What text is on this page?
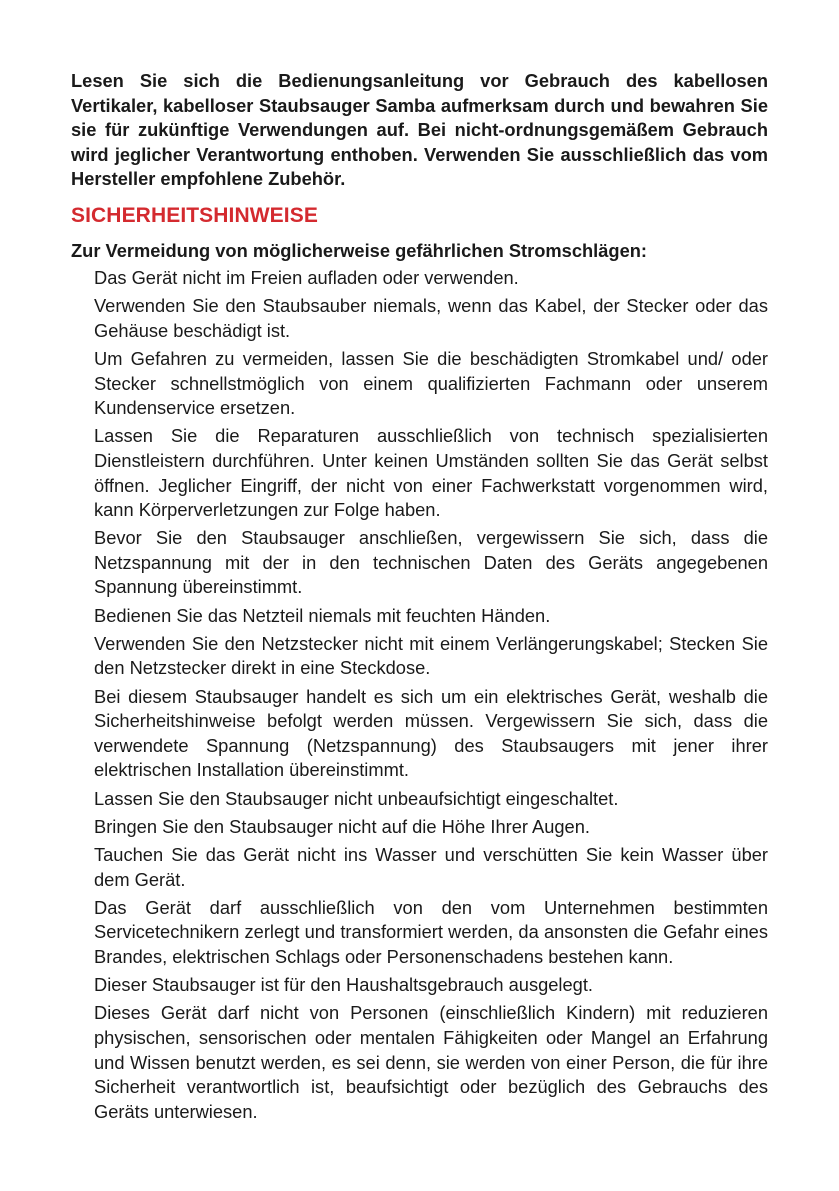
Lesen Sie sich die Bedienungsanleitung vor Gebrauch des kabellosen Vertikaler, kabelloser Staubsauger Samba aufmerksam durch und bewahren Sie sie für zukünftige Verwendungen auf. Bei nicht-ordnungsgemäßem Gebrauch wird jeglicher Verantwortung enthoben. Verwenden Sie ausschließlich das vom Hersteller empfohlene Zubehör.

SICHERHEITSHINWEISE
Zur Vermeidung von möglicherweise gefährlichen Stromschlägen:
Das Gerät nicht im Freien aufladen oder verwenden.
Verwenden Sie den Staubsauber niemals, wenn das Kabel, der Stecker oder das Gehäuse beschädigt ist.
Um Gefahren zu vermeiden, lassen Sie die beschädigten Stromkabel und/ oder Stecker schnellstmöglich von einem qualifizierten Fachmann oder unserem Kundenservice ersetzen.
Lassen Sie die Reparaturen ausschließlich von technisch spezialisierten Dienstleistern durchführen. Unter keinen Umständen sollten Sie das Gerät selbst öffnen. Jeglicher Eingriff, der nicht von einer Fachwerkstatt vorgenommen wird, kann Körperverletzungen zur Folge haben.
Bevor Sie den Staubsauger anschließen, vergewissern Sie sich, dass die Netzspannung mit der in den technischen Daten des Geräts angegebenen Spannung übereinstimmt.
Bedienen Sie das Netzteil niemals mit feuchten Händen.
Verwenden Sie den Netzstecker nicht mit einem Verlängerungskabel; Stecken Sie den Netzstecker direkt in eine Steckdose.
Bei diesem Staubsauger handelt es sich um ein elektrisches Gerät, weshalb die Sicherheitshinweise befolgt werden müssen. Vergewissern Sie sich, dass die verwendete Spannung (Netzspannung) des Staubsaugers mit jener ihrer elektrischen Installation übereinstimmt.
Lassen Sie den Staubsauger nicht unbeaufsichtigt eingeschaltet.
Bringen Sie den Staubsauger nicht auf die Höhe Ihrer Augen.
Tauchen Sie das Gerät nicht ins Wasser und verschütten Sie kein Wasser über dem Gerät.
Das Gerät darf ausschließlich von den vom Unternehmen bestimmten Servicetechnikern zerlegt und transformiert werden, da ansonsten die Gefahr eines Brandes, elektrischen Schlags oder Personenschadens bestehen kann.
Dieser Staubsauger ist für den Haushaltsgebrauch ausgelegt.
Dieses Gerät darf nicht von Personen (einschließlich Kindern) mit reduzieren physischen, sensorischen oder mentalen Fähigkeiten oder Mangel an Erfahrung und Wissen benutzt werden, es sei denn, sie werden von einer Person, die für ihre Sicherheit verantwortlich ist, beaufsichtigt oder bezüglich des Gebrauchs des Geräts unterwiesen.
